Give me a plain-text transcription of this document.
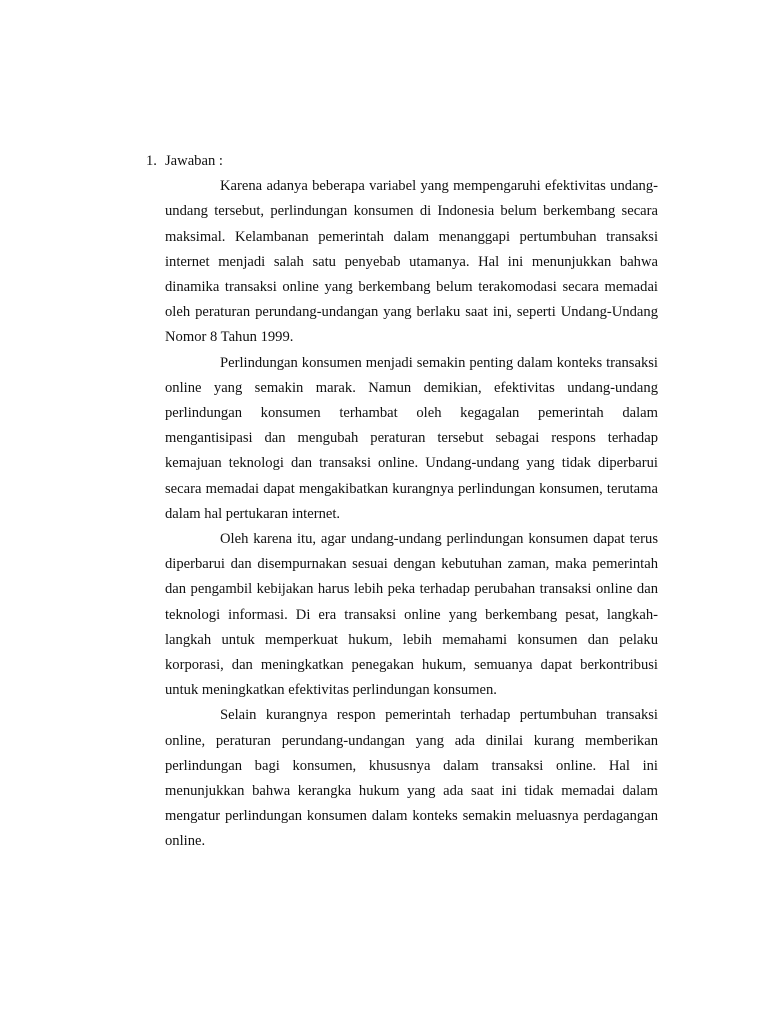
1. Jawaban :

Karena adanya beberapa variabel yang mempengaruhi efektivitas undang-undang tersebut, perlindungan konsumen di Indonesia belum berkembang secara maksimal. Kelambanan pemerintah dalam menanggapi pertumbuhan transaksi internet menjadi salah satu penyebab utamanya. Hal ini menunjukkan bahwa dinamika transaksi online yang berkembang belum terakomodasi secara memadai oleh peraturan perundang-undangan yang berlaku saat ini, seperti Undang-Undang Nomor 8 Tahun 1999.

Perlindungan konsumen menjadi semakin penting dalam konteks transaksi online yang semakin marak. Namun demikian, efektivitas undang-undang perlindungan konsumen terhambat oleh kegagalan pemerintah dalam mengantisipasi dan mengubah peraturan tersebut sebagai respons terhadap kemajuan teknologi dan transaksi online. Undang-undang yang tidak diperbarui secara memadai dapat mengakibatkan kurangnya perlindungan konsumen, terutama dalam hal pertukaran internet.

Oleh karena itu, agar undang-undang perlindungan konsumen dapat terus diperbarui dan disempurnakan sesuai dengan kebutuhan zaman, maka pemerintah dan pengambil kebijakan harus lebih peka terhadap perubahan transaksi online dan teknologi informasi. Di era transaksi online yang berkembang pesat, langkah-langkah untuk memperkuat hukum, lebih memahami konsumen dan pelaku korporasi, dan meningkatkan penegakan hukum, semuanya dapat berkontribusi untuk meningkatkan efektivitas perlindungan konsumen.

Selain kurangnya respon pemerintah terhadap pertumbuhan transaksi online, peraturan perundang-undangan yang ada dinilai kurang memberikan perlindungan bagi konsumen, khususnya dalam transaksi online. Hal ini menunjukkan bahwa kerangka hukum yang ada saat ini tidak memadai dalam mengatur perlindungan konsumen dalam konteks semakin meluasnya perdagangan online.
